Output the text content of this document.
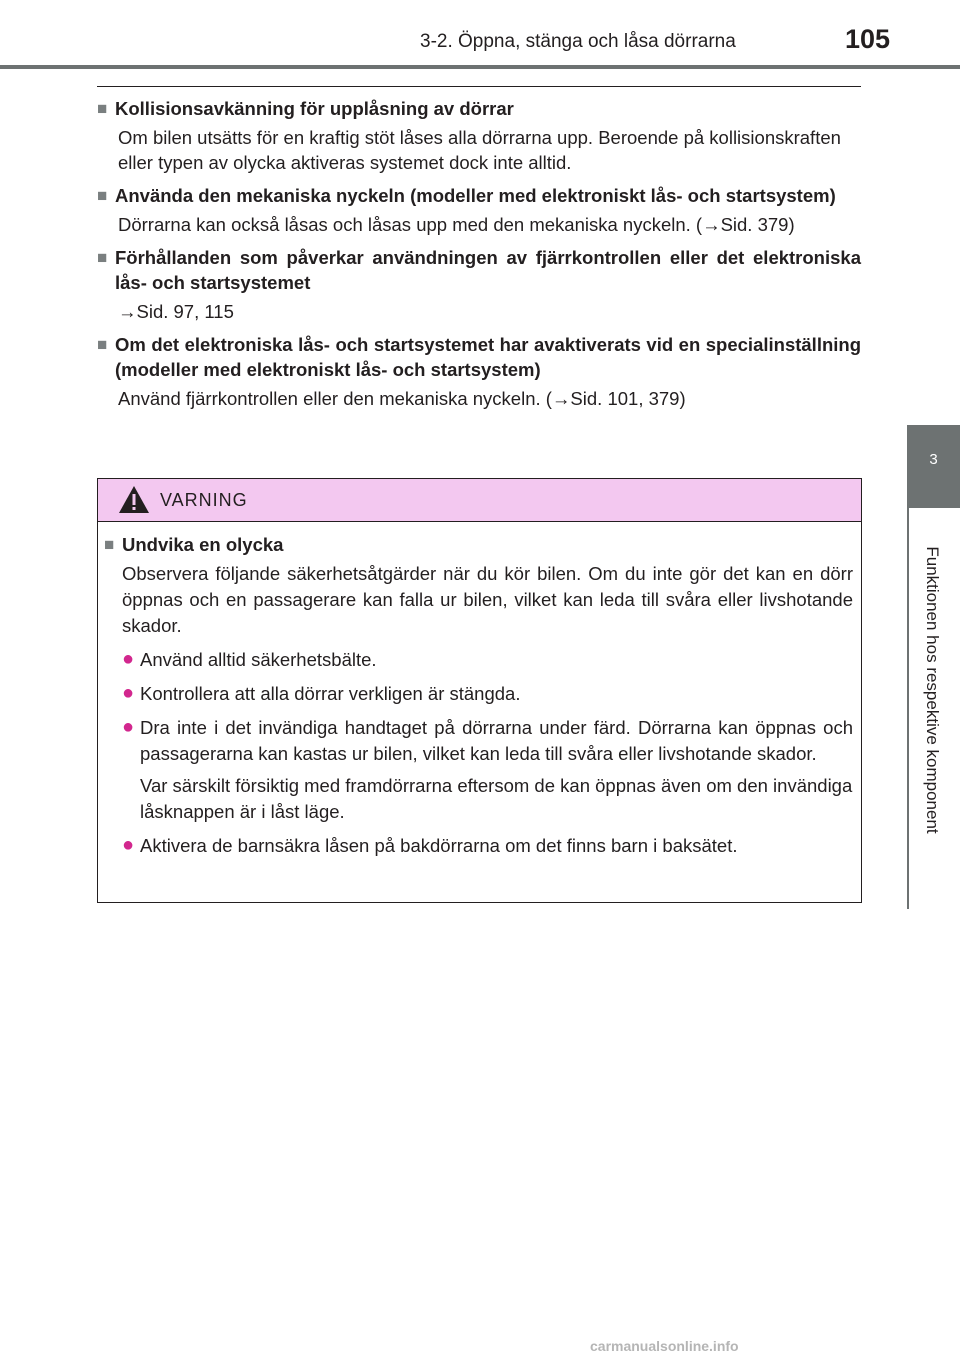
3-2. Öppna, stänga och låsa dörrarna	105
3
Funktionen hos respektive komponent
■ Kollisionsavkänning för upplåsning av dörrar
Om bilen utsätts för en kraftig stöt låses alla dörrarna upp. Beroende på kollisionskraften eller typen av olycka aktiveras systemet dock inte alltid.
■ Använda den mekaniska nyckeln (modeller med elektroniskt lås- och startsystem)
Dörrarna kan också låsas och låsas upp med den mekaniska nyckeln. (→Sid. 379)
■ Förhållanden som påverkar användningen av fjärrkontrollen eller det elektroniska lås- och startsystemet
→Sid. 97, 115
■ Om det elektroniska lås- och startsystemet har avaktiverats vid en specialinställning (modeller med elektroniskt lås- och startsystem)
Använd fjärrkontrollen eller den mekaniska nyckeln. (→Sid. 101, 379)
VARNING
■ Undvika en olycka
Observera följande säkerhetsåtgärder när du kör bilen. Om du inte gör det kan en dörr öppnas och en passagerare kan falla ur bilen, vilket kan leda till svåra eller livshotande skador.
● Använd alltid säkerhetsbälte.
● Kontrollera att alla dörrar verkligen är stängda.
● Dra inte i det invändiga handtaget på dörrarna under färd. Dörrarna kan öppnas och passagerarna kan kastas ur bilen, vilket kan leda till svåra eller livshotande skador.
Var särskilt försiktig med framdörrarna eftersom de kan öppnas även om den invändiga låsknappen är i låst läge.
● Aktivera de barnsäkra låsen på bakdörrarna om det finns barn i baksätet.
carmanualsonline.info
